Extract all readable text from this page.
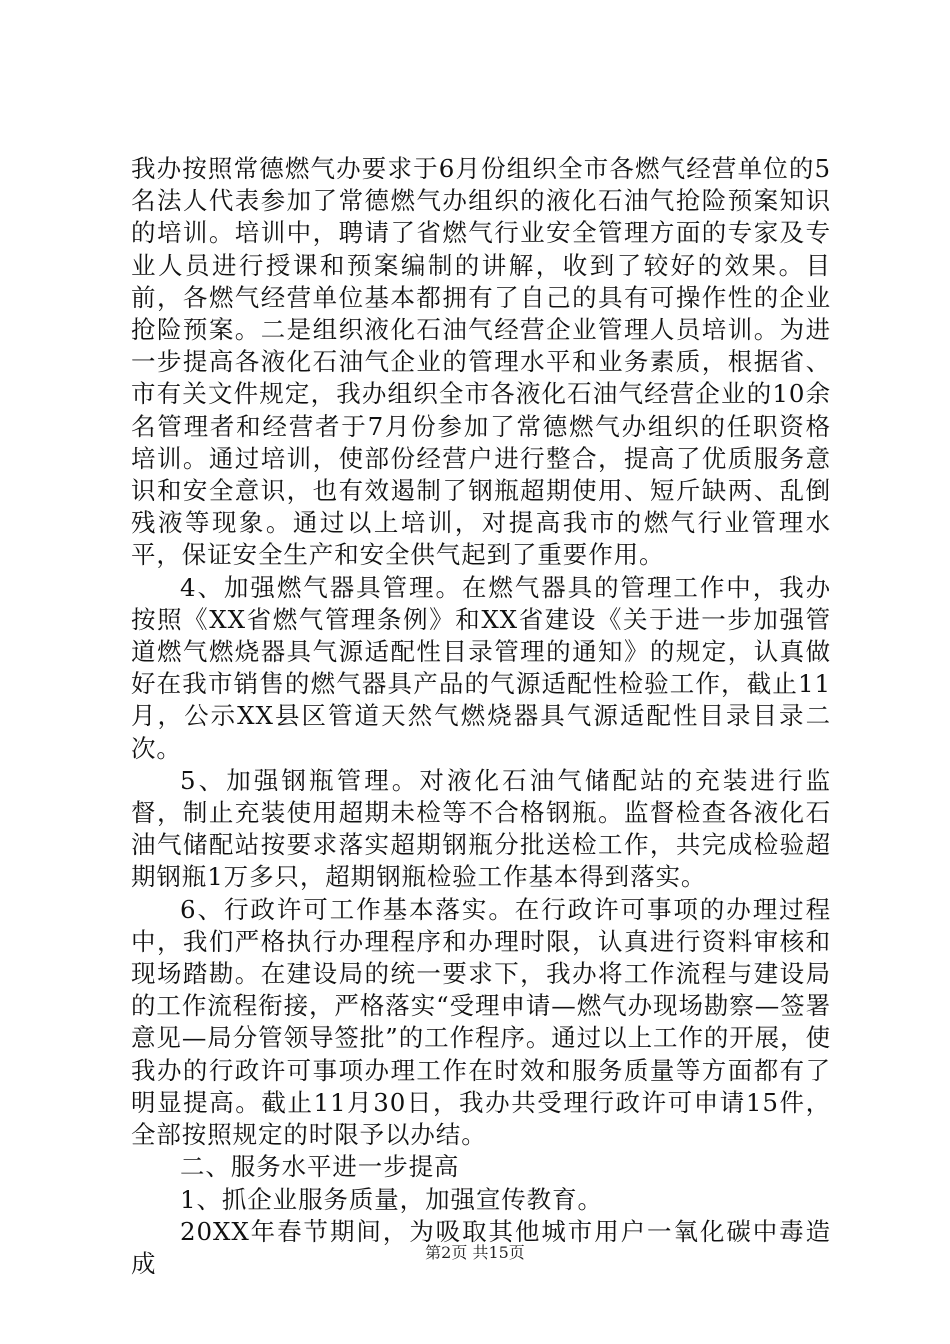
我办按照常德燃气办要求于6月份组织全市各燃气经营单位的5名法人代表参加了常德燃气办组织的液化石油气抢险预案知识的培训。培训中，聘请了省燃气行业安全管理方面的专家及专业人员进行授课和预案编制的讲解，收到了较好的效果。目前，各燃气经营单位基本都拥有了自己的具有可操作性的企业抢险预案。二是组织液化石油气经营企业管理人员培训。为进一步提高各液化石油气企业的管理水平和业务素质，根据省、市有关文件规定，我办组织全市各液化石油气经营企业的10余名管理者和经营者于7月份参加了常德燃气办组织的任职资格培训。通过培训，使部份经营户进行整合，提高了优质服务意识和安全意识，也有效遏制了钢瓶超期使用、短斤缺两、乱倒残液等现象。通过以上培训，对提高我市的燃气行业管理水平，保证安全生产和安全供气起到了重要作用。

4、加强燃气器具管理。在燃气器具的管理工作中，我办按照《XX省燃气管理条例》和XX省建设《关于进一步加强管道燃气燃烧器具气源适配性目录管理的通知》的规定，认真做好在我市销售的燃气器具产品的气源适配性检验工作，截止11月，公示XX县区管道天然气燃烧器具气源适配性目录目录二次。

5、加强钢瓶管理。对液化石油气储配站的充装进行监督，制止充装使用超期未检等不合格钢瓶。监督检查各液化石油气储配站按要求落实超期钢瓶分批送检工作，共完成检验超期钢瓶1万多只，超期钢瓶检验工作基本得到落实。

6、行政许可工作基本落实。在行政许可事项的办理过程中，我们严格执行办理程序和办理时限，认真进行资料审核和现场踏勘。在建设局的统一要求下，我办将工作流程与建设局的工作流程衔接，严格落实“受理申请—燃气办现场勘察—签署意见—局分管领导签批”的工作程序。通过以上工作的开展，使我办的行政许可事项办理工作在时效和服务质量等方面都有了明显提高。截止11月30日，我办共受理行政许可申请15件，全部按照规定的时限予以办结。

二、服务水平进一步提高

1、抓企业服务质量，加强宣传教育。

20XX年春节期间，为吸取其他城市用户一氧化碳中毒造成	第2页 共15页
